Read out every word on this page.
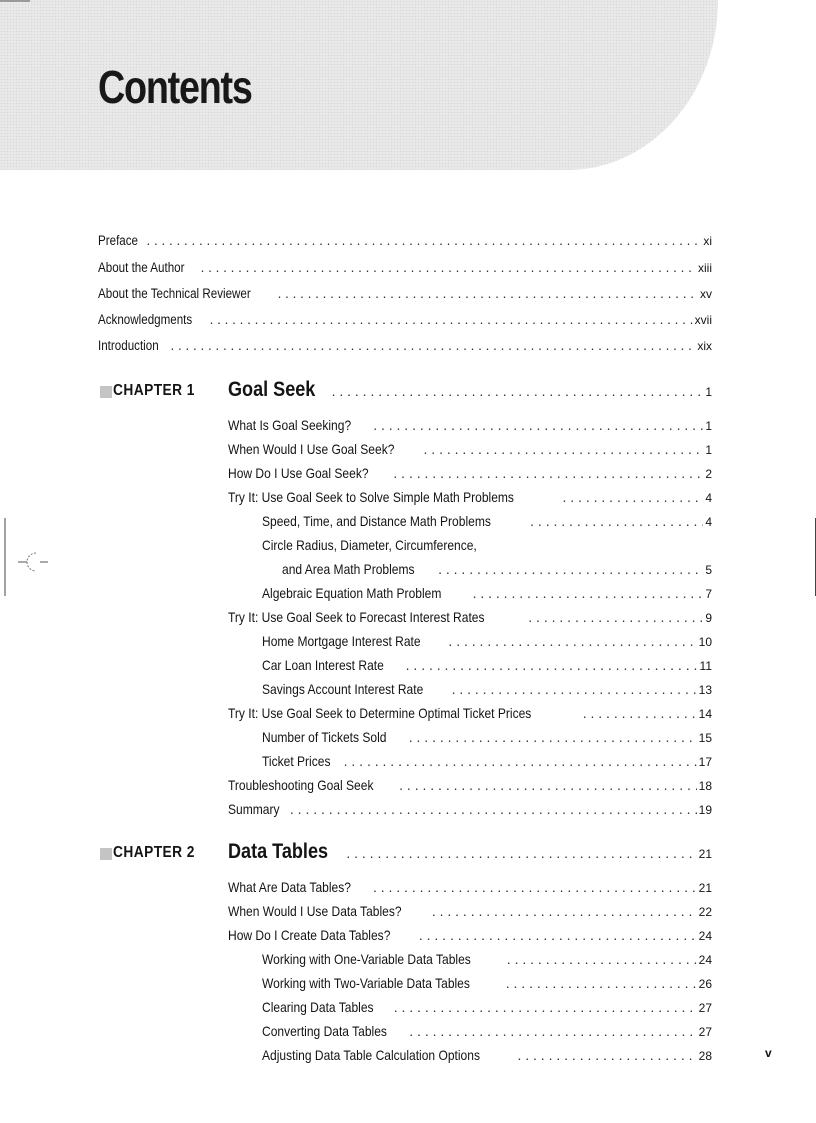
Contents
Preface . . .	xi
About the Author . . .	xiii
About the Technical Reviewer . . .	xv
Acknowledgments . . .	xvii
Introduction . . .	xix
CHAPTER 1	Goal Seek . . .	1
What Is Goal Seeking? . . .	1
When Would I Use Goal Seek? . . .	1
How Do I Use Goal Seek? . . .	2
Try It: Use Goal Seek to Solve Simple Math Problems . . .	4
Speed, Time, and Distance Math Problems . . .	4
Circle Radius, Diameter, Circumference,
and Area Math Problems . . .	5
Algebraic Equation Math Problem . . .	7
Try It: Use Goal Seek to Forecast Interest Rates . . .	9
Home Mortgage Interest Rate . . .	10
Car Loan Interest Rate . . .	11
Savings Account Interest Rate . . .	13
Try It: Use Goal Seek to Determine Optimal Ticket Prices . . .	14
Number of Tickets Sold . . .	15
Ticket Prices . . .	17
Troubleshooting Goal Seek . . .	18
Summary . . .	19
CHAPTER 2	Data Tables . . .	21
What Are Data Tables? . . .	21
When Would I Use Data Tables? . . .	22
How Do I Create Data Tables? . . .	24
Working with One-Variable Data Tables . . .	24
Working with Two-Variable Data Tables . . .	26
Clearing Data Tables . . .	27
Converting Data Tables . . .	27
Adjusting Data Table Calculation Options . . .	28	v
